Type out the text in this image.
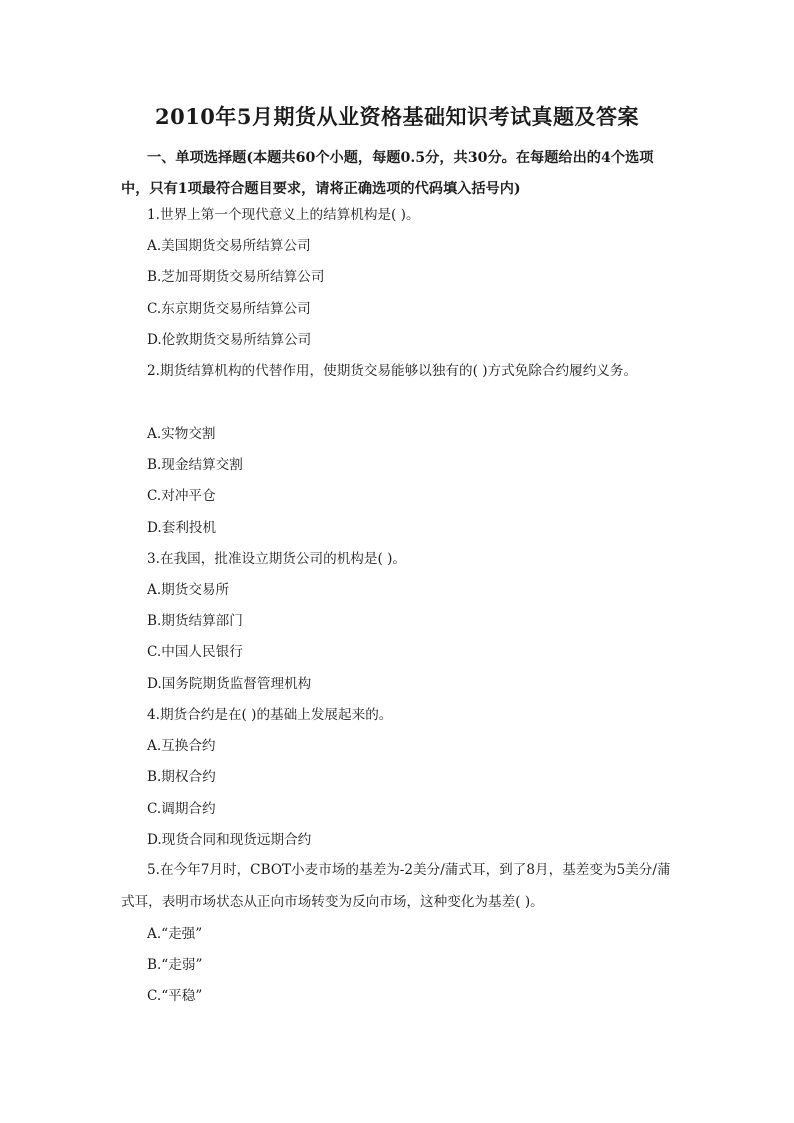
2010年5月期货从业资格基础知识考试真题及答案
一、单项选择题(本题共60个小题，每题0.5分，共30分。在每题给出的4个选项中，只有1项最符合题目要求，请将正确选项的代码填入括号内)
1.世界上第一个现代意义上的结算机构是( )。
A.美国期货交易所结算公司
B.芝加哥期货交易所结算公司
C.东京期货交易所结算公司
D.伦敦期货交易所结算公司
2.期货结算机构的代替作用，使期货交易能够以独有的( )方式免除合约履约义务。
A.实物交割
B.现金结算交割
C.对冲平仓
D.套利投机
3.在我国，批准设立期货公司的机构是( )。
A.期货交易所
B.期货结算部门
C.中国人民银行
D.国务院期货监督管理机构
4.期货合约是在( )的基础上发展起来的。
A.互换合约
B.期权合约
C.调期合约
D.现货合同和现货远期合约
5.在今年7月时，CBOT小麦市场的基差为-2美分/蒲式耳，到了8月，基差变为5美分/蒲式耳，表明市场状态从正向市场转变为反向市场，这种变化为基差( )。
A.“走强”
B.“走弱”
C.“平稳”
